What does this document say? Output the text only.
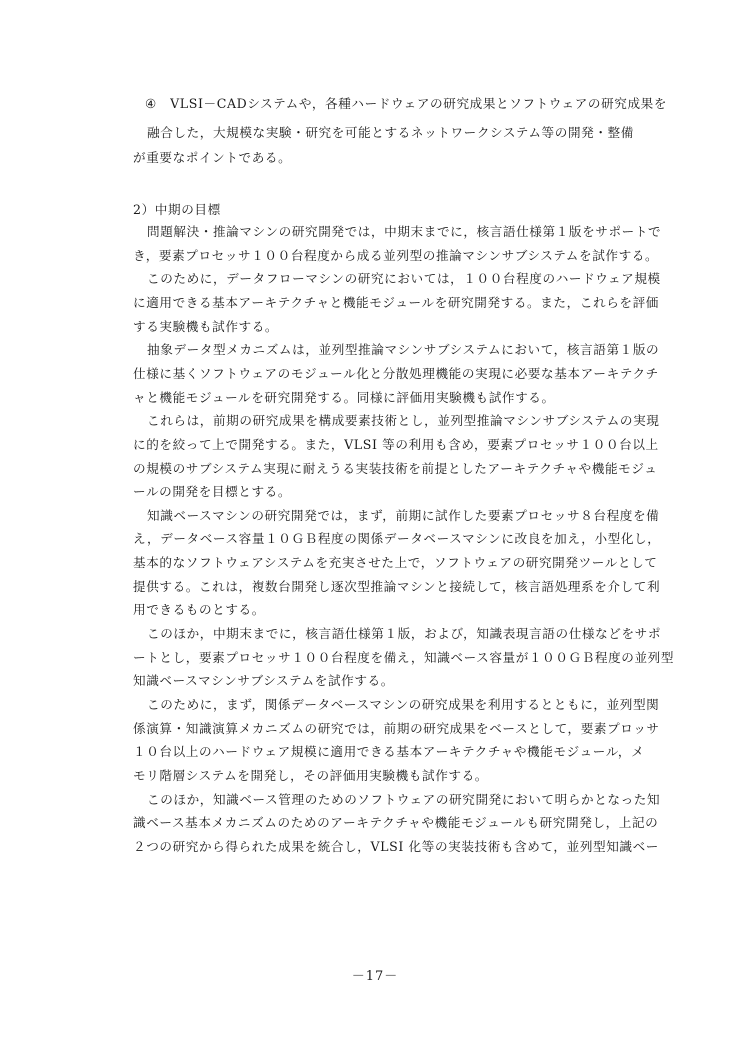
④　VLSI－CADシステムや，各種ハードウェアの研究成果とソフトウェアの研究成果を
融合した，大規模な実験・研究を可能とするネットワークシステム等の開発・整備
が重要なポイントである。
2）中期の目標
問題解決・推論マシンの研究開発では，中期末までに，核言語仕様第１版をサポートで
き，要素プロセッサ１００台程度から成る並列型の推論マシンサブシステムを試作する。
このために，データフローマシンの研究においては，１００台程度のハードウェア規模
に適用できる基本アーキテクチャと機能モジュールを研究開発する。また，これらを評価
する実験機も試作する。
抽象データ型メカニズムは，並列型推論マシンサブシステムにおいて，核言語第１版の
仕様に基くソフトウェアのモジュール化と分散処理機能の実現に必要な基本アーキテクチ
ャと機能モジュールを研究開発する。同様に評価用実験機も試作する。
これらは，前期の研究成果を構成要素技術とし，並列型推論マシンサブシステムの実現
に的を絞って上で開発する。また，VLSI 等の利用も含め，要素プロセッサ１００台以上
の規模のサブシステム実現に耐えうる実装技術を前提としたアーキテクチャや機能モジュ
ールの開発を目標とする。
知識ベースマシンの研究開発では，まず，前期に試作した要素プロセッサ８台程度を備
え，データベース容量１０ＧＢ程度の関係データベースマシンに改良を加え，小型化し，
基本的なソフトウェアシステムを充実させた上で，ソフトウェアの研究開発ツールとして
提供する。これは，複数台開発し逐次型推論マシンと接続して，核言語処理系を介して利
用できるものとする。
このほか，中期末までに，核言語仕様第１版，および，知識表現言語の仕様などをサポ
ートとし，要素プロセッサ１００台程度を備え，知識ベース容量が１００ＧＢ程度の並列型
知識ベースマシンサブシステムを試作する。
このために，まず，関係データベースマシンの研究成果を利用するとともに，並列型関
係演算・知識演算メカニズムの研究では，前期の研究成果をベースとして，要素プロッサ
１０台以上のハードウェア規模に適用できる基本アーキテクチャや機能モジュール，メ
モリ階層システムを開発し，その評価用実験機も試作する。
このほか，知識ベース管理のためのソフトウェアの研究開発において明らかとなった知
識ベース基本メカニズムのためのアーキテクチャや機能モジュールも研究開発し，上記の
２つの研究から得られた成果を統合し，VLSI 化等の実装技術も含めて，並列型知識ベー
－17－
